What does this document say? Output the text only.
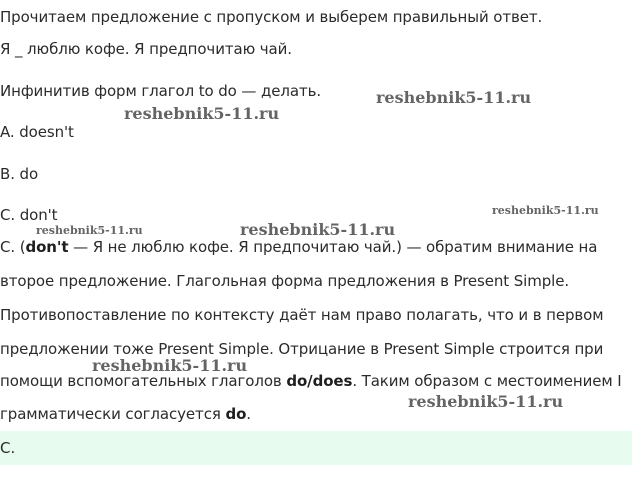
Прочитаем предложение с пропуском и выберем правильный ответ.
Я _ люблю кофе. Я предпочитаю чай.
Инфинитив форм глагол to do — делать.
A. doesn't
B. do
C. don't
C. (don't — Я не люблю кофе. Я предпочитаю чай.) — обратим внимание на
второе предложение. Глагольная форма предложения в Present Simple.
Противопоставление по контексту даёт нам право полагать, что и в первом
предложении тоже Present Simple. Отрицание в Present Simple строится при
помощи вспомогательных глаголов do/does. Таким образом с местоимением I
грамматически согласуется do.
C.
reshebnik5-11.ru
reshebnik5-11.ru
reshebnik5-11.ru
reshebnik5-11.ru	reshebnik5-11.ru
reshebnik5-11.ru
reshebnik5-11.ru
